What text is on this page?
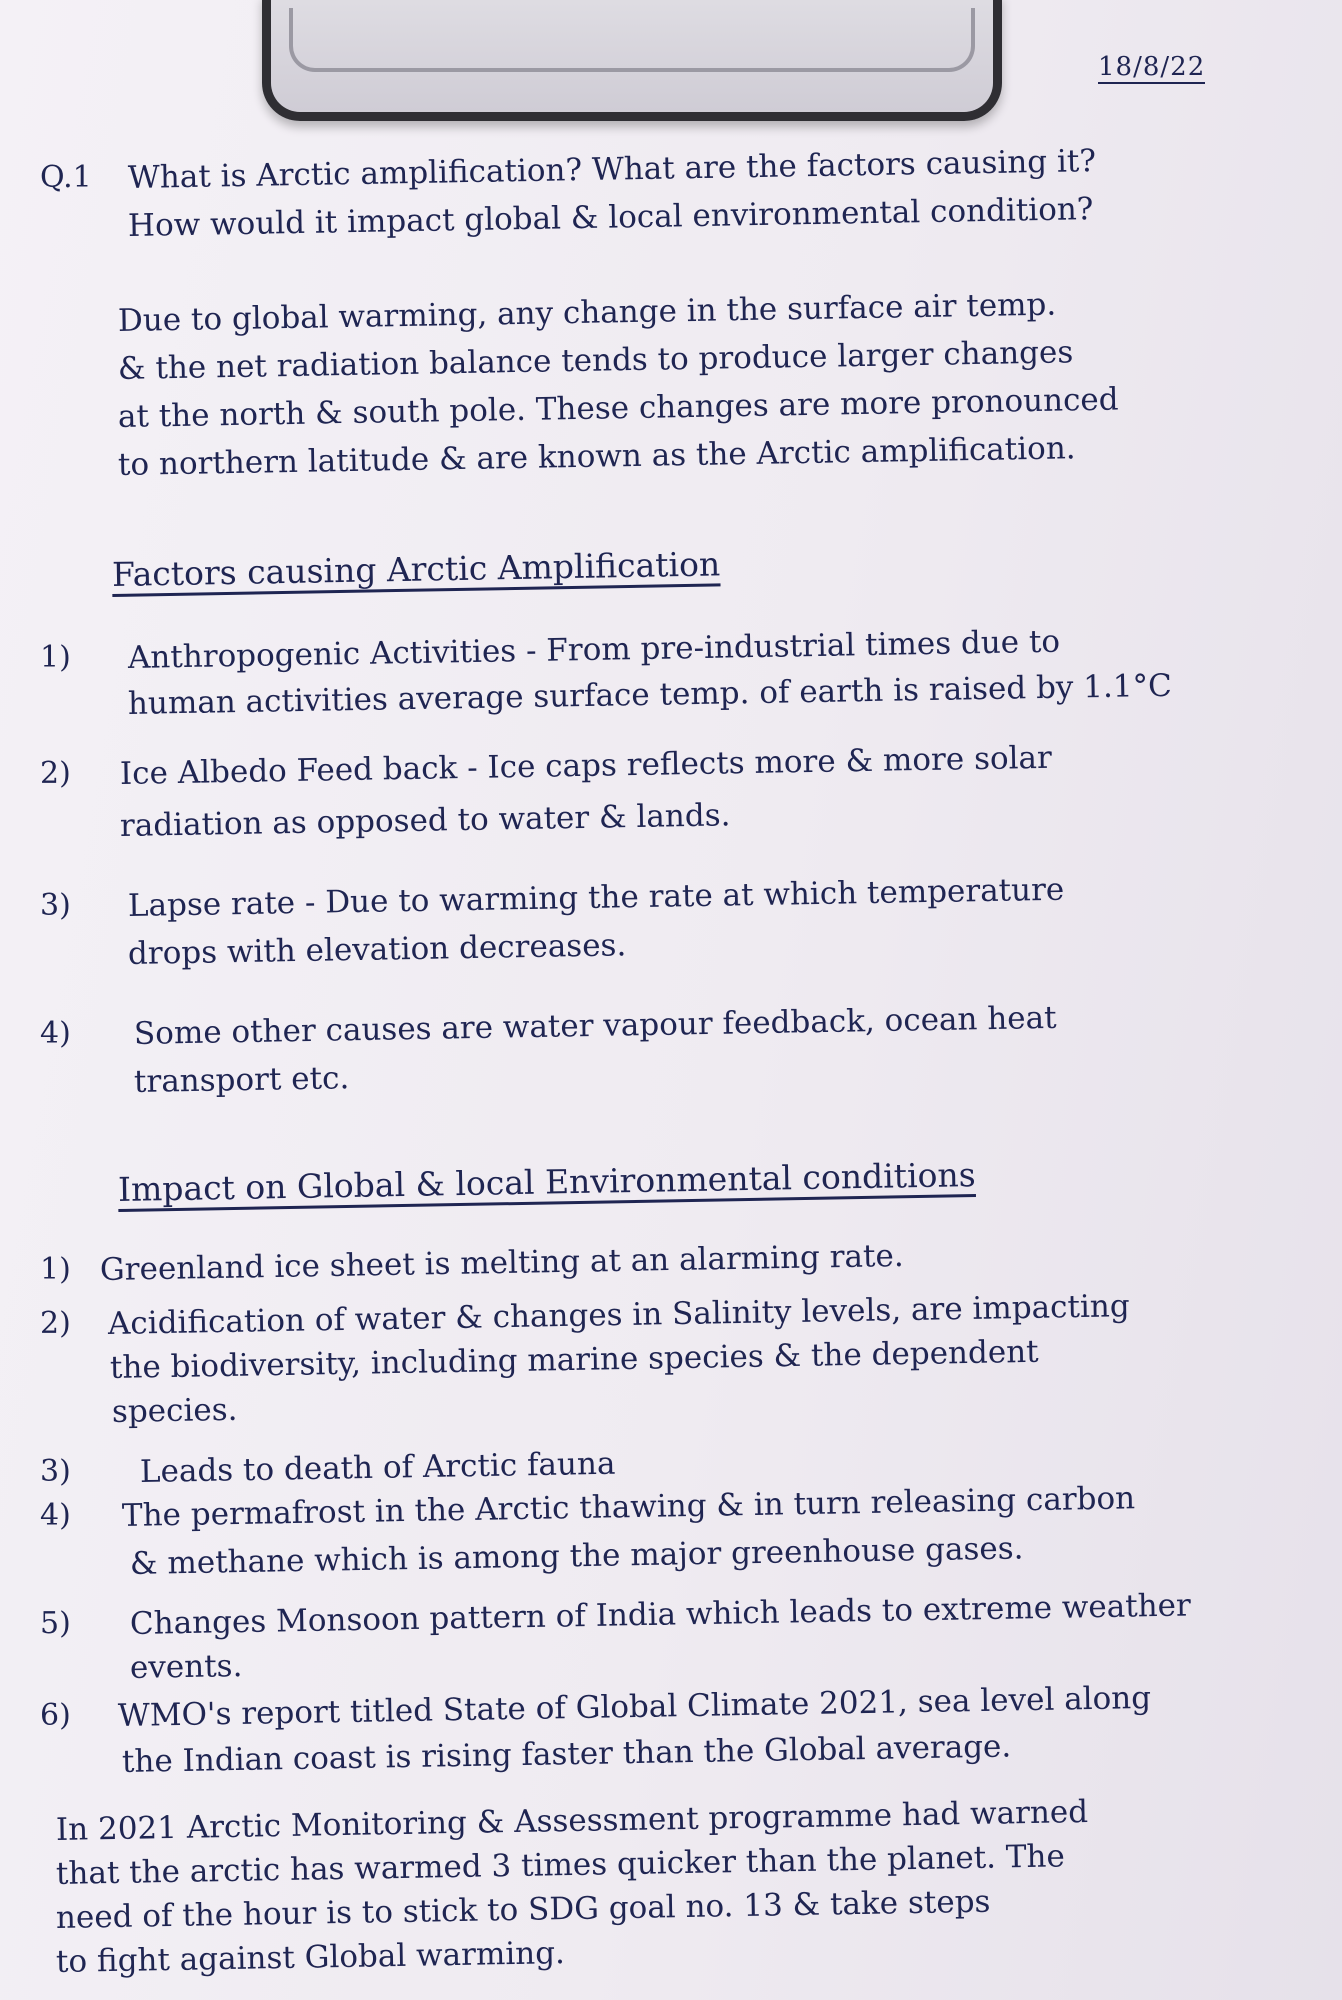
18/8/22
Q.1 What is Arctic amplification? What are the factors causing it?
How would it impact global & local environmental condition?
Due to global warming, any change in the surface air temp.
& the net radiation balance tends to produce larger changes
at the north & south pole. These changes are more pronounced
to northern latitude & are known as the Arctic amplification.
Factors causing Arctic Amplification
1) Anthropogenic Activities - From pre-industrial times due to
human activities average surface temp. of earth is raised by 1.1°C
2) Ice Albedo Feed back - Ice caps reflects more & more solar
radiation as opposed to water & lands.
3) Lapse rate - Due to warming the rate at which temperature
drops with elevation decreases.
4) Some other causes are water vapour feedback, ocean heat
transport etc.
Impact on Global & local Environmental conditions
1) Greenland ice sheet is melting at an alarming rate.
2) Acidification of water & changes in Salinity levels, are impacting
the biodiversity, including marine species & the dependent
species.
3) Leads to death of Arctic fauna
4) The permafrost in the Arctic thawing & in turn releasing carbon
& methane which is among the major greenhouse gases.
5) Changes Monsoon pattern of India which leads to extreme weather
events.
6) WMO's report titled State of Global Climate 2021, sea level along
the Indian coast is rising faster than the Global average.
In 2021 Arctic Monitoring & Assessment programme had warned
that the arctic has warmed 3 times quicker than the planet. The
need of the hour is to stick to SDG goal no. 13 & take steps
to fight against Global warming.
